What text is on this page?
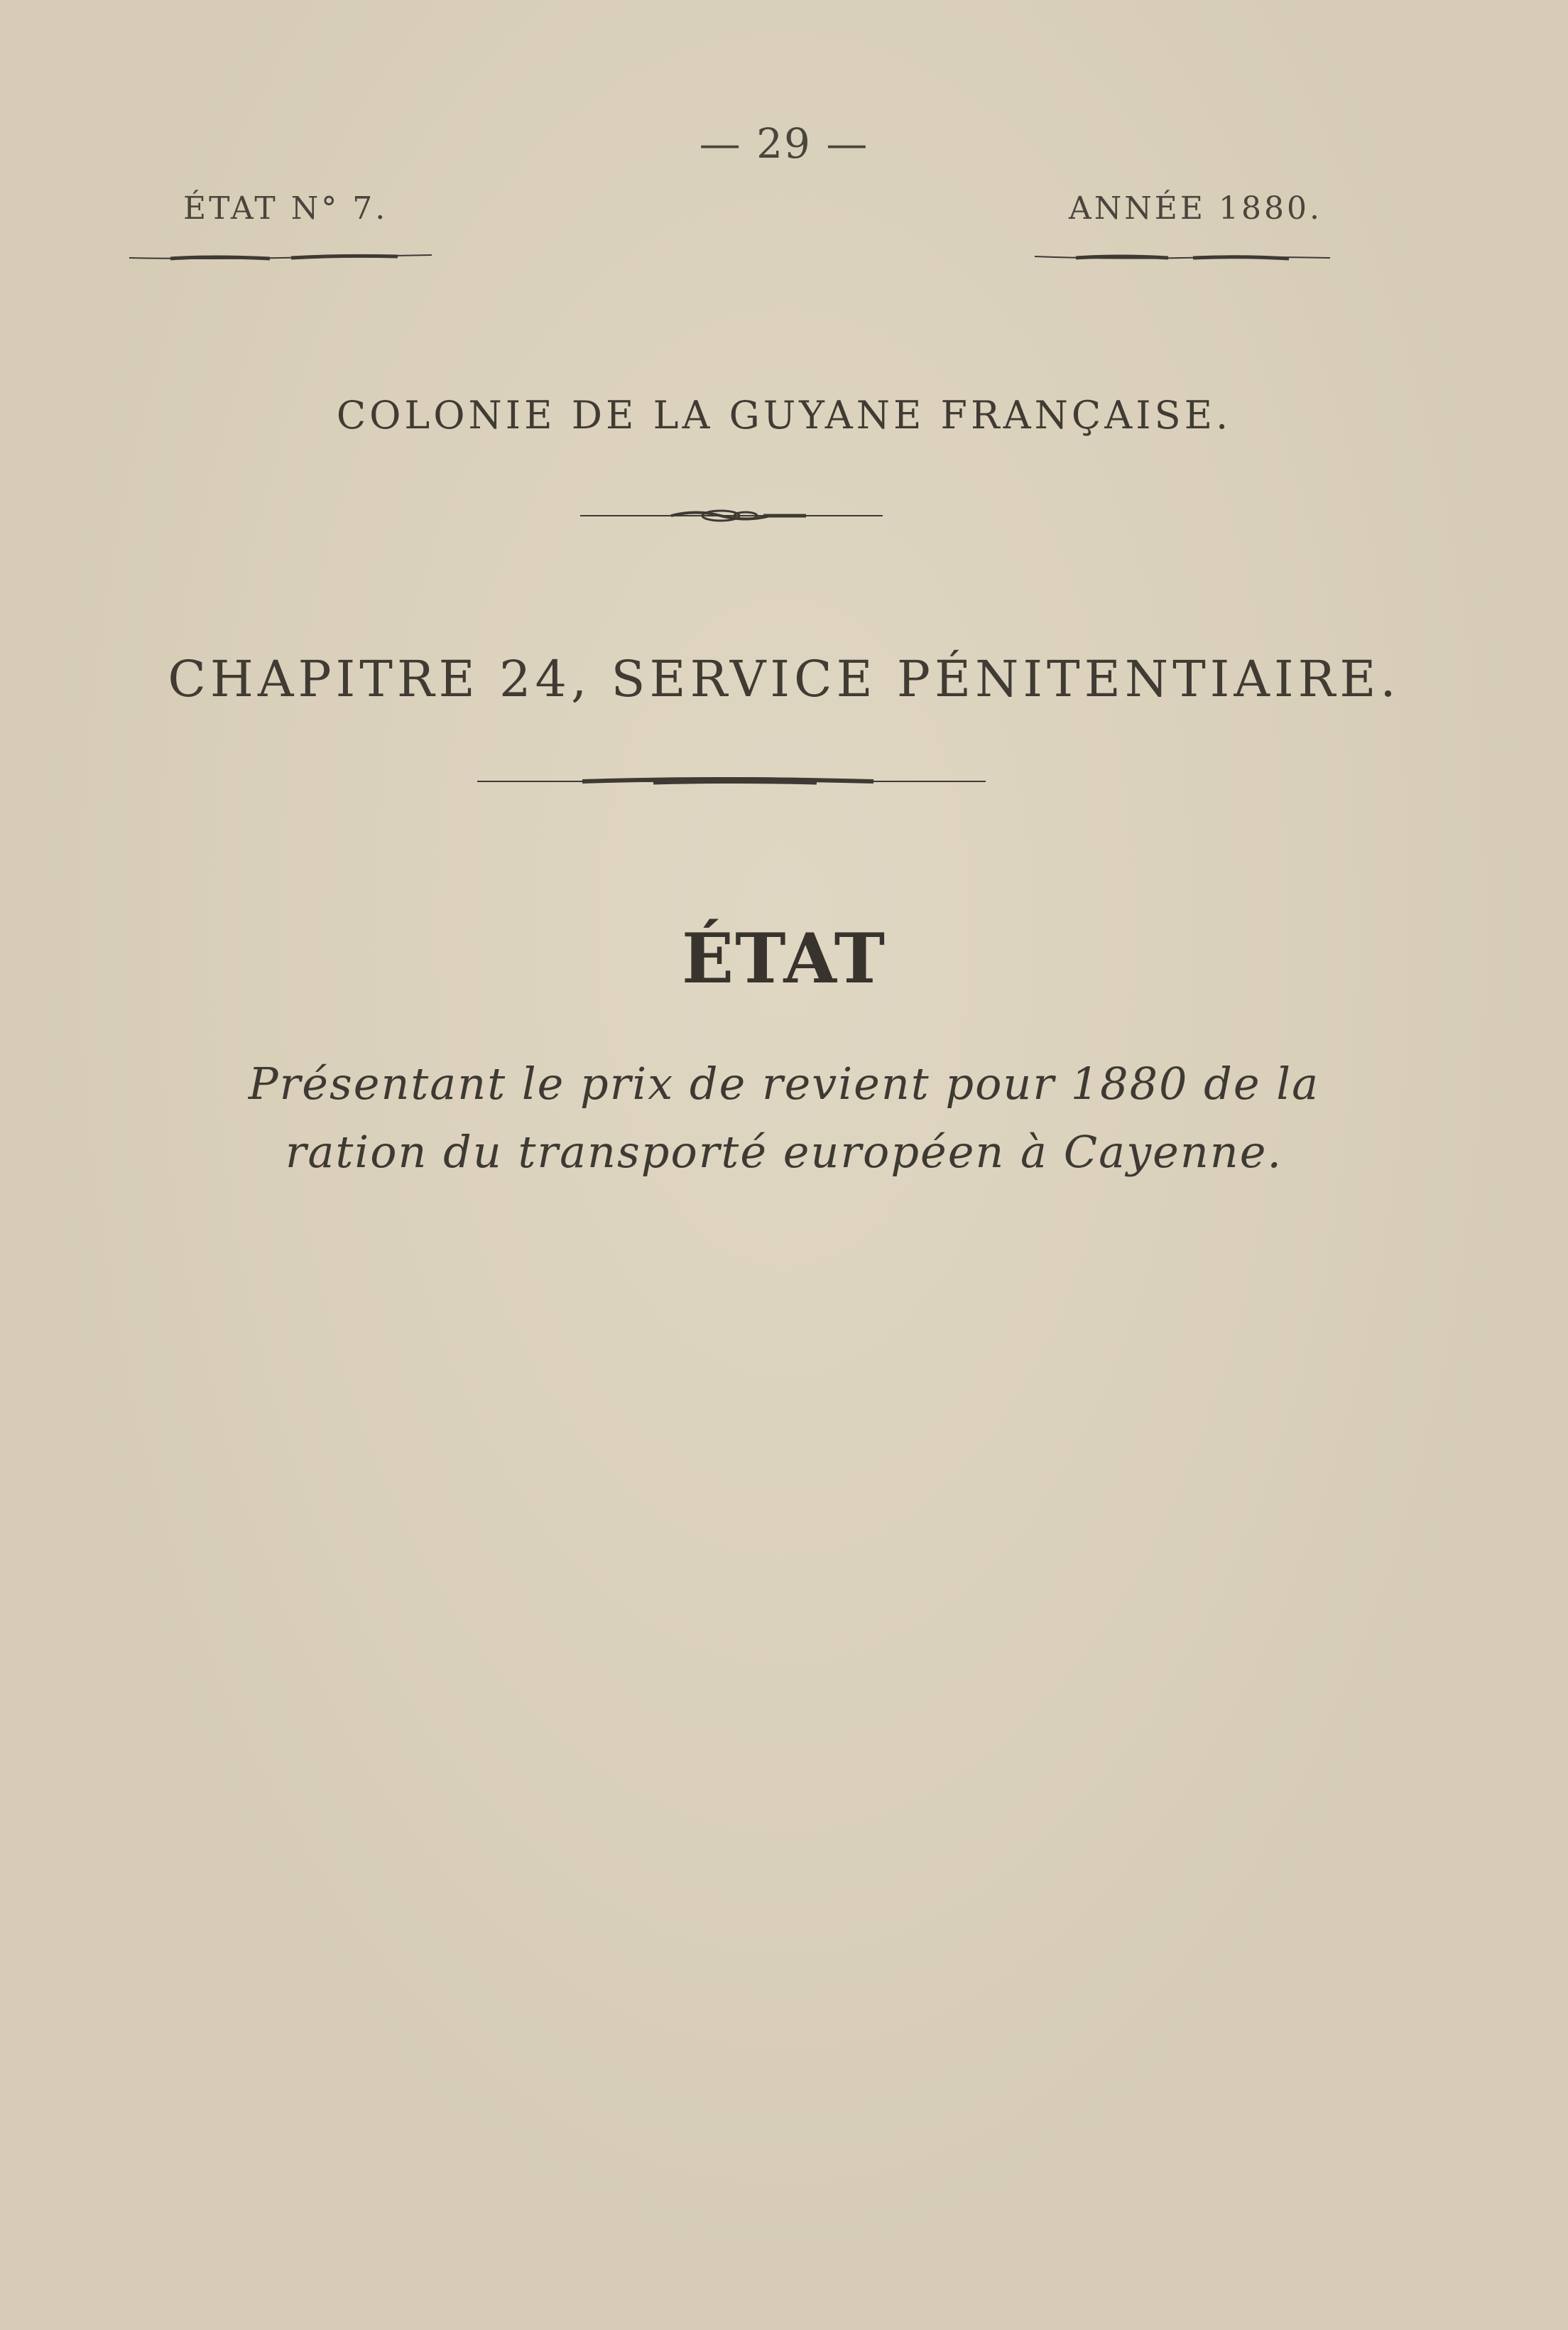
— 29 —
ÉTAT N° 7.	ANNÉE 1880.
COLONIE DE LA GUYANE FRANÇAISE.
CHAPITRE 24, SERVICE PÉNITENTIAIRE.
ÉTAT
Présentant le prix de revient pour 1880 de la
ration du transporté européen à Cayenne.
